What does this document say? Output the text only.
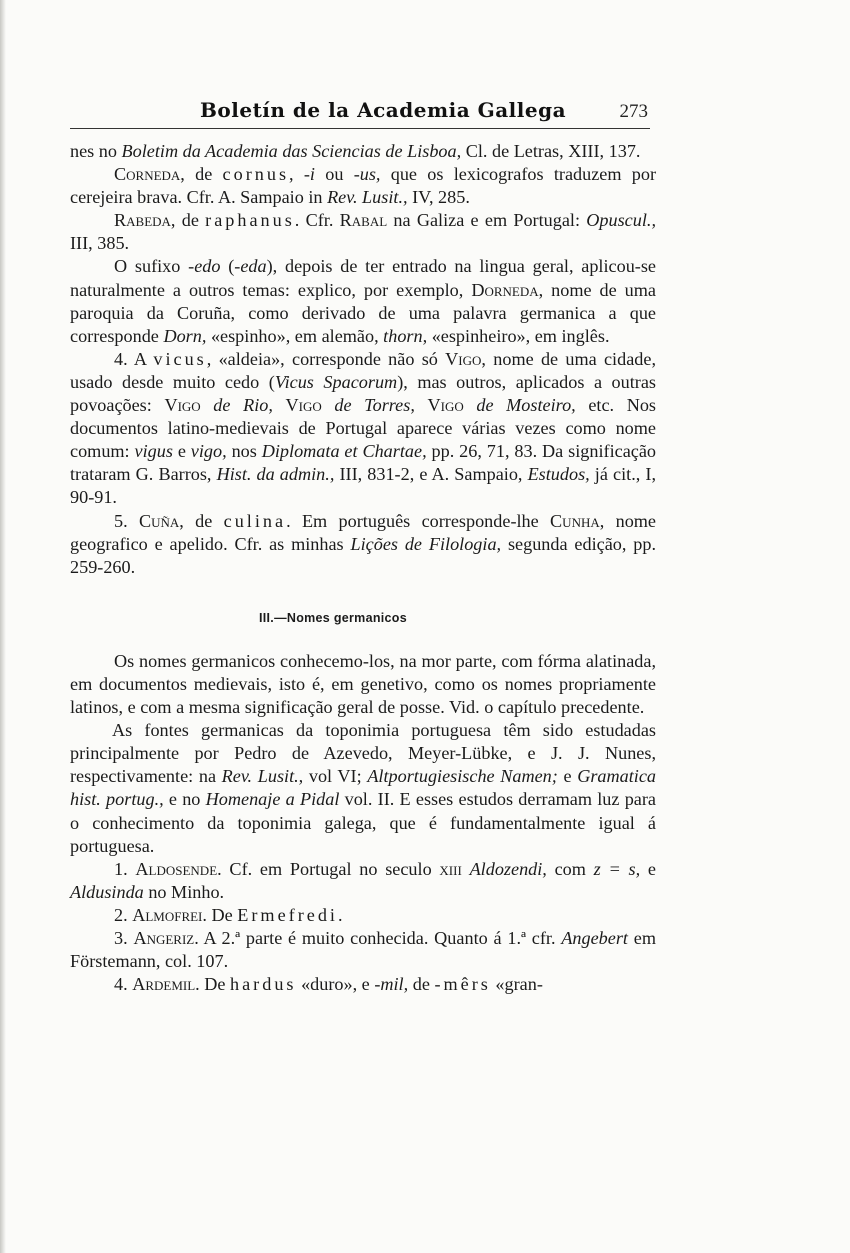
Boletín de la Academia Gallega	273

nes no Boletim da Academia das Sciencias de Lisboa, Cl. de Letras, XIII, 137.

Corneda, de cornus, -i ou -us, que os lexicografos traduzem por cerejeira brava. Cfr. A. Sampaio in Rev. Lusit., IV, 285.

Rabeda, de raphanus. Cfr. Rabal na Galiza e em Portugal: Opuscul., III, 385.

O sufixo -edo (-eda), depois de ter entrado na lingua geral, aplicou-se naturalmente a outros temas: explico, por exemplo, Dorneda, nome de uma paroquia da Coruña, como derivado de uma palavra germanica a que corresponde Dorn, «espinho», em alemão, thorn, «espinheiro», em inglês.

4. A vicus, «aldeia», corresponde não só Vigo, nome de uma cidade, usado desde muito cedo (Vicus Spacorum), mas outros, aplicados a outras povoações: Vigo de Rio, Vigo de Torres, Vigo de Mosteiro, etc. Nos documentos latino-medievais de Portugal aparece várias vezes como nome comum: vigus e vigo, nos Diplomata et Chartae, pp. 26, 71, 83. Da significação trataram G. Barros, Hist. da admin., III, 831-2, e A. Sampaio, Estudos, já cit., I, 90-91.

5. Cuña, de culina. Em português corresponde-lhe Cunha, nome geografico e apelido. Cfr. as minhas Lições de Filologia, segunda edição, pp. 259-260.

III.—Nomes germanicos

Os nomes germanicos conhecemo-los, na mor parte, com fórma alatinada, em documentos medievais, isto é, em genetivo, como os nomes propriamente latinos, e com a mesma significação geral de posse. Vid. o capítulo precedente.

As fontes germanicas da toponimia portuguesa têm sido estudadas principalmente por Pedro de Azevedo, Meyer-Lübke, e J. J. Nunes, respectivamente: na Rev. Lusit., vol VI; Altportugiesische Namen; e Gramatica hist. portug., e no Homenaje a Pidal vol. II. E esses estudos derramam luz para o conhecimento da toponimia galega, que é fundamentalmente igual á portuguesa.

1. Aldosende. Cf. em Portugal no seculo xiii Aldozendi, com z = s, e Aldusinda no Minho.

2. Almofrei. De Ermefredi.

3. Angeriz. A 2.ª parte é muito conhecida. Quanto á 1.ª cfr. Angebert em Förstemann, col. 107.

4. Ardemil. De hardus «duro», e -mil, de -mêrs «gran-
